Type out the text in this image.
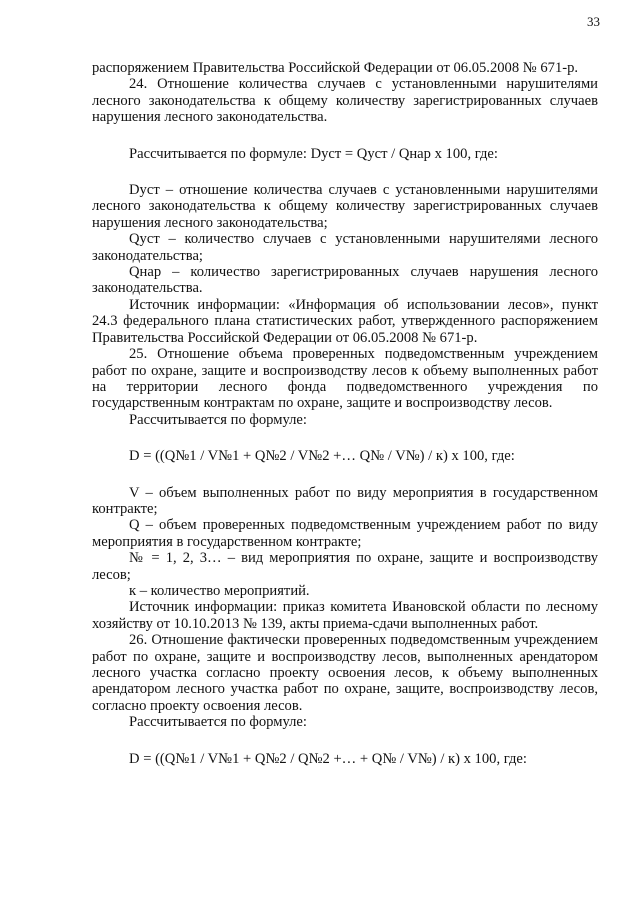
33

распоряжением Правительства Российской Федерации от 06.05.2008 № 671-р.

24. Отношение количества случаев с установленными нарушителями лесного законодательства к общему количеству зарегистрированных случаев нарушения лесного законодательства.

Рассчитывается по формуле: Dуст = Qуст / Qнар х 100, где:

Dуст – отношение количества случаев с установленными нарушителями лесного законодательства к общему количеству зарегистрированных случаев нарушения лесного законодательства;

Qуст – количество случаев с установленными нарушителями лесного законодательства;

Qнар – количество зарегистрированных случаев нарушения лесного законодательства.

Источник информации: «Информация об использовании лесов», пункт 24.3 федерального плана статистических работ, утвержденного распоряжением Правительства Российской Федерации от 06.05.2008 № 671-р.

25. Отношение объема проверенных подведомственным учреждением работ по охране, защите и воспроизводству лесов к объему выполненных работ на территории лесного фонда подведомственного учреждения по государственным контрактам по охране, защите и воспроизводству лесов.

Рассчитывается по формуле:

D = ((Q№1 / V№1 + Q№2 / V№2 +… Q№ / V№) / к) х 100, где:

V – объем выполненных работ по виду мероприятия в государственном контракте;

Q – объем проверенных подведомственным учреждением работ по виду мероприятия в государственном контракте;

№ = 1, 2, 3… – вид мероприятия по охране, защите и воспроизводству лесов;

к – количество мероприятий.

Источник информации: приказ комитета Ивановской области по лесному хозяйству от 10.10.2013 № 139, акты приема-сдачи выполненных работ.

26. Отношение фактически проверенных подведомственным учреждением работ по охране, защите и воспроизводству лесов, выполненных арендатором лесного участка согласно проекту освоения лесов, к объему выполненных арендатором лесного участка работ по охране, защите, воспроизводству лесов, согласно проекту освоения лесов.

Рассчитывается по формуле:

D = ((Q№1 / V№1 + Q№2 / Q№2 +… + Q№ / V№) / к) х 100, где:
